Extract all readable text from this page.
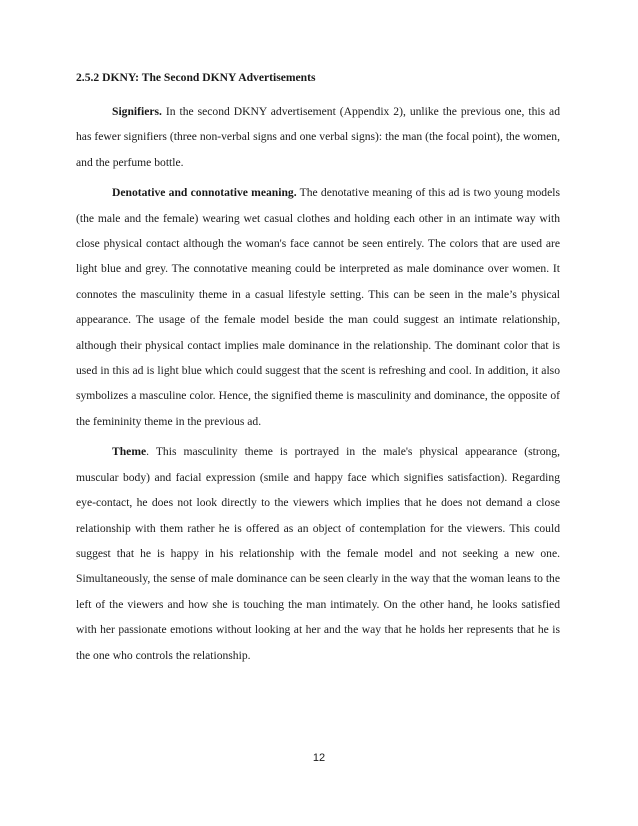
2.5.2 DKNY: The Second DKNY Advertisements

Signifiers. In the second DKNY advertisement (Appendix 2), unlike the previous one, this ad has fewer signifiers (three non-verbal signs and one verbal signs): the man (the focal point), the women, and the perfume bottle.

Denotative and connotative meaning. The denotative meaning of this ad is two young models (the male and the female) wearing wet casual clothes and holding each other in an intimate way with close physical contact although the woman's face cannot be seen entirely. The colors that are used are light blue and grey. The connotative meaning could be interpreted as male dominance over women. It connotes the masculinity theme in a casual lifestyle setting. This can be seen in the male’s physical appearance. The usage of the female model beside the man could suggest an intimate relationship, although their physical contact implies male dominance in the relationship. The dominant color that is used in this ad is light blue which could suggest that the scent is refreshing and cool. In addition, it also symbolizes a masculine color. Hence, the signified theme is masculinity and dominance, the opposite of the femininity theme in the previous ad.

Theme. This masculinity theme is portrayed in the male's physical appearance (strong, muscular body) and facial expression (smile and happy face which signifies satisfaction). Regarding eye-contact, he does not look directly to the viewers which implies that he does not demand a close relationship with them rather he is offered as an object of contemplation for the viewers. This could suggest that he is happy in his relationship with the female model and not seeking a new one. Simultaneously, the sense of male dominance can be seen clearly in the way that the woman leans to the left of the viewers and how she is touching the man intimately. On the other hand, he looks satisfied with her passionate emotions without looking at her and the way that he holds her represents that he is the one who controls the relationship.

12
